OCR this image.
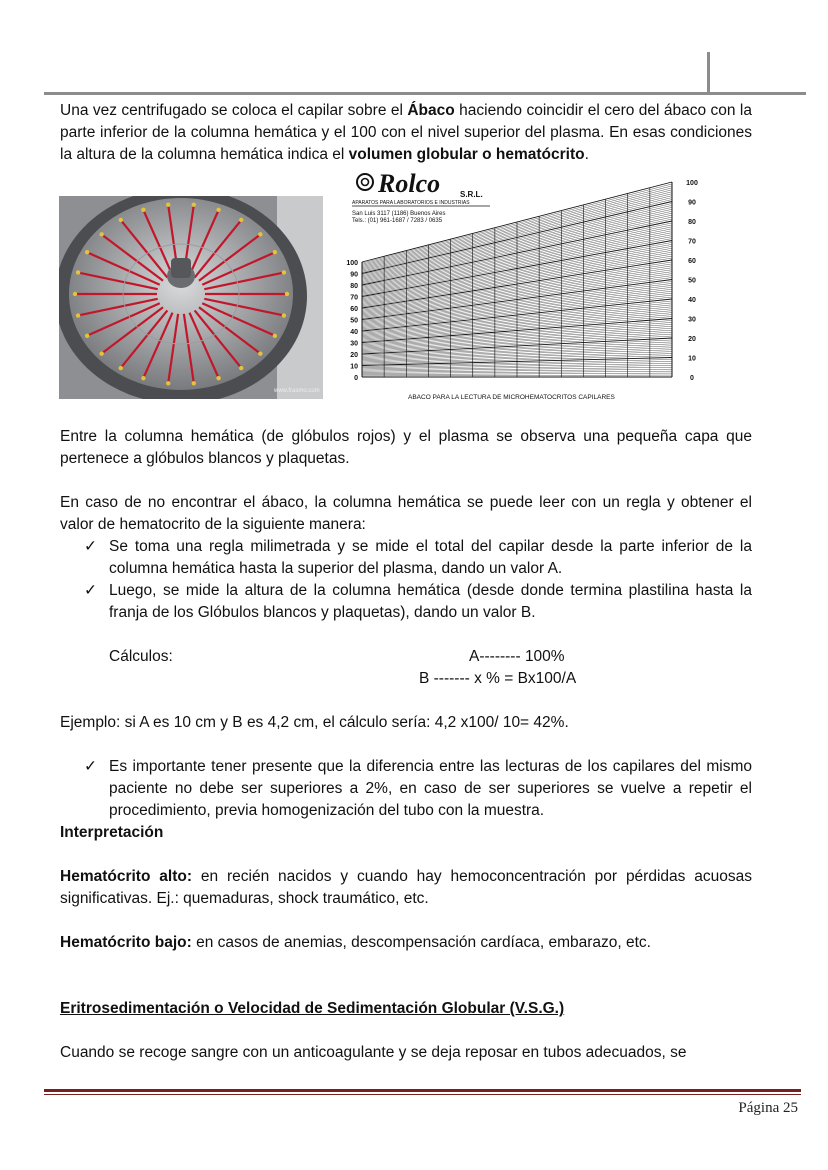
Una vez centrifugado se coloca el capilar sobre el Ábaco haciendo coincidir el cero del ábaco con la parte inferior de la columna hemática y el 100 con el nivel superior del plasma. En esas condiciones la altura de la columna hemática indica el volumen globular o hematócrito.

www.frasmo.com
Rolco S.R.L.
APARATOS PARA LABORATORIOS E INDUSTRIAS
San Luis 3117 (1186) Buenos Aires
Tels.: (01) 961-1687 / 7283 / 0635
100
90
80
70
60
50
40
30
20
10
0
100
90
80
70
60
50
40
30
20
10
0
ABACO PARA LA LECTURA DE MICROHEMATOCRITOS CAPILARES

Entre la columna hemática (de glóbulos rojos) y el plasma se observa una pequeña capa que pertenece a glóbulos blancos y plaquetas.

En caso de no encontrar el ábaco, la columna hemática se puede leer con un regla y obtener el valor de hematocrito de la siguiente manera:

✓ Se toma una regla milimetrada y se mide el total del capilar desde la parte inferior de la columna hemática hasta la superior del plasma, dando un valor A.
✓ Luego, se mide la altura de la columna hemática (desde donde termina plastilina hasta la franja de los Glóbulos blancos y plaquetas), dando un valor B.
Cálculos:	A-------- 100%
B ------- x % = Bx100/A

Ejemplo: si A es 10 cm y B es 4,2 cm, el cálculo sería: 4,2 x100/ 10= 42%.

✓ Es importante tener presente que la diferencia entre las lecturas de los capilares del mismo paciente no debe ser superiores a 2%, en caso de ser superiores se vuelve a repetir el procedimiento, previa homogenización del tubo con la muestra.

Interpretación

Hematócrito alto: en recién nacidos y cuando hay hemoconcentración por pérdidas acuosas significativas. Ej.: quemaduras, shock traumático, etc.

Hematócrito bajo: en casos de anemias, descompensación cardíaca, embarazo, etc.

Eritrosedimentación o Velocidad de Sedimentación Globular (V.S.G.)

Cuando se recoge sangre con un anticoagulante y se deja reposar en tubos adecuados, se

Página 25
